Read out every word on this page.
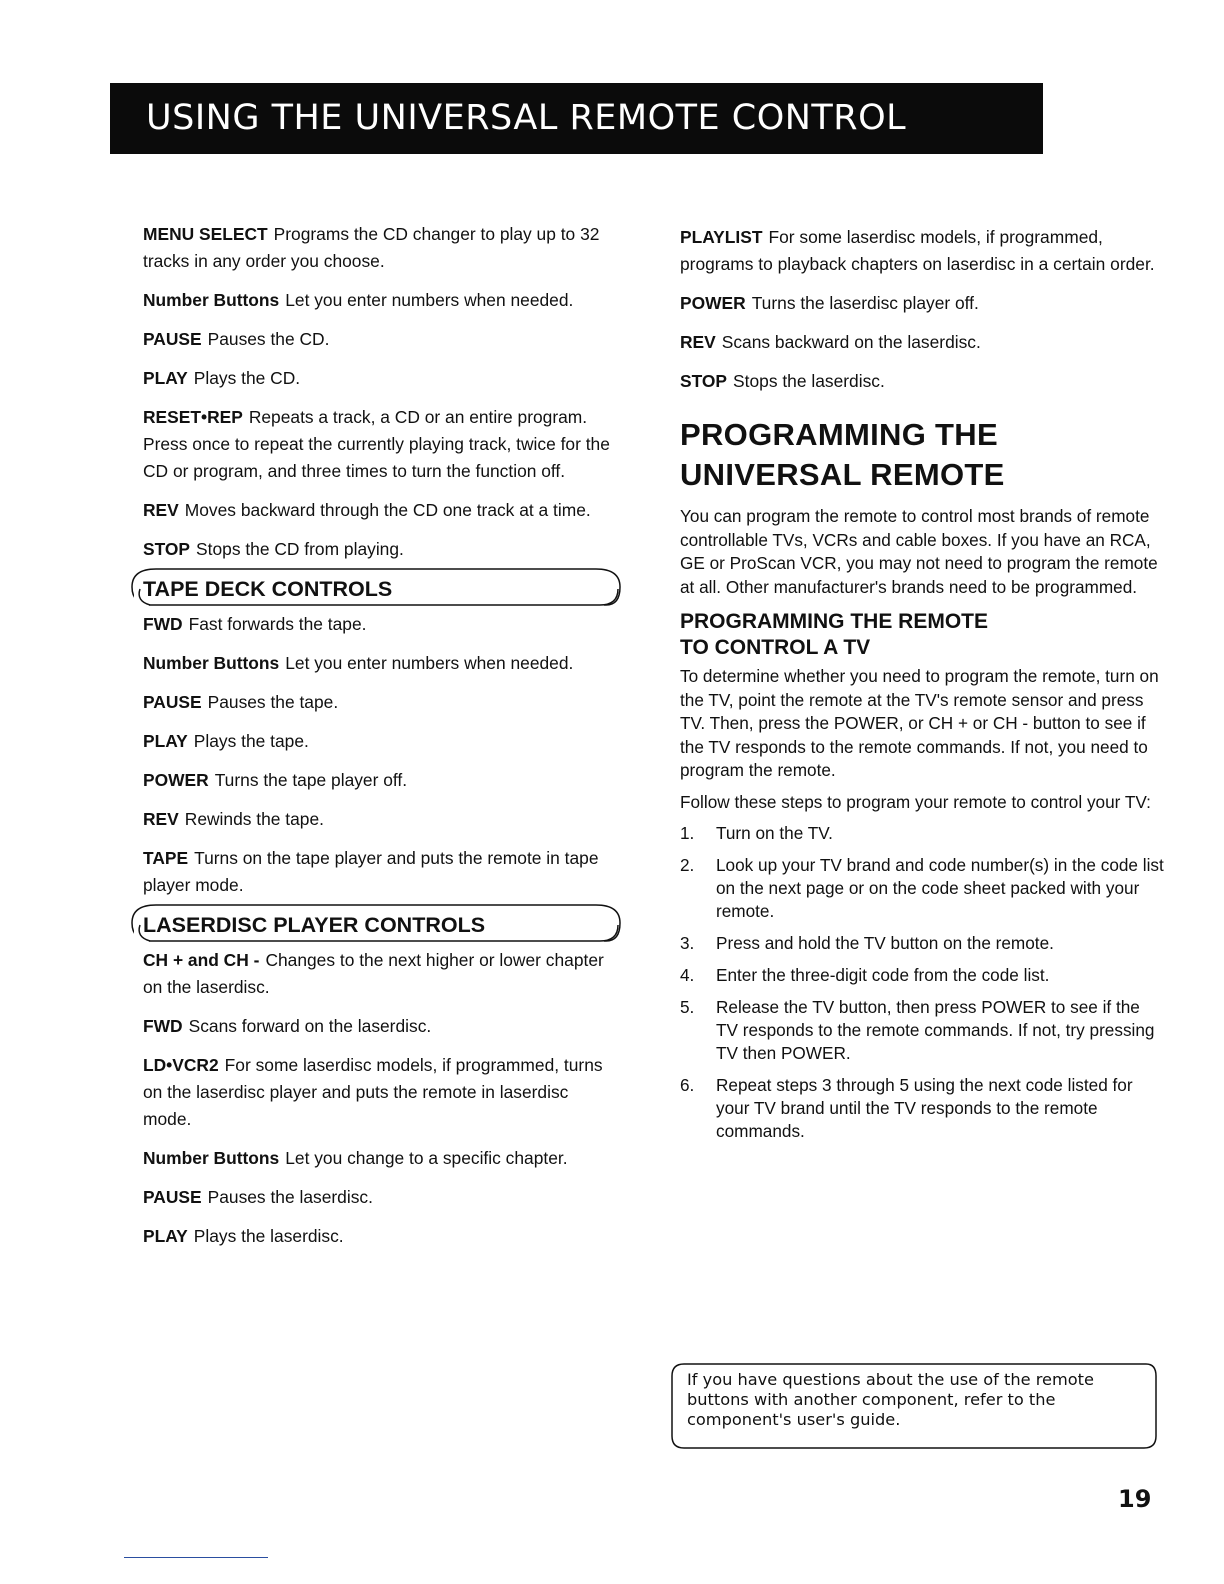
USING THE UNIVERSAL REMOTE CONTROL
MENU SELECT Programs the CD changer to play up to 32 tracks in any order you choose.
Number Buttons Let you enter numbers when needed.
PAUSE Pauses the CD.
PLAY Plays the CD.
RESET•REP Repeats a track, a CD or an entire program. Press once to repeat the currently playing track, twice for the CD or program, and three times to turn the function off.
REV Moves backward through the CD one track at a time.
STOP Stops the CD from playing.
TAPE DECK CONTROLS
FWD Fast forwards the tape.
Number Buttons Let you enter numbers when needed.
PAUSE Pauses the tape.
PLAY Plays the tape.
POWER Turns the tape player off.
REV Rewinds the tape.
TAPE Turns on the tape player and puts the remote in tape player mode.
LASERDISC PLAYER CONTROLS
CH + and CH - Changes to the next higher or lower chapter on the laserdisc.
FWD Scans forward on the laserdisc.
LD•VCR2 For some laserdisc models, if programmed, turns on the laserdisc player and puts the remote in laserdisc mode.
Number Buttons Let you change to a specific chapter.
PAUSE Pauses the laserdisc.
PLAY Plays the laserdisc.
PLAYLIST For some laserdisc models, if programmed, programs to playback chapters on laserdisc in a certain order.
POWER Turns the laserdisc player off.
REV Scans backward on the laserdisc.
STOP Stops the laserdisc.
PROGRAMMING THE
UNIVERSAL REMOTE

You can program the remote to control most brands of remote controllable TVs, VCRs and cable boxes. If you have an RCA, GE or ProScan VCR, you may not need to program the remote at all. Other manufacturer's brands need to be programmed.

PROGRAMMING THE REMOTE
TO CONTROL A TV

To determine whether you need to program the remote, turn on the TV, point the remote at the TV's remote sensor and press TV. Then, press the POWER, or CH + or CH - button to see if the TV responds to the remote commands. If not, you need to program the remote.

Follow these steps to program your remote to control your TV:

1. Turn on the TV.
2. Look up your TV brand and code number(s) in the code list on the next page or on the code sheet packed with your remote.
3. Press and hold the TV button on the remote.
4. Enter the three-digit code from the code list.
5. Release the TV button, then press POWER to see if the TV responds to the remote commands. If not, try pressing TV then POWER.
6. Repeat steps 3 through 5 using the next code listed for your TV brand until the TV responds to the remote commands.
If you have questions about the use of the remote buttons with another component, refer to the component's user's guide.
19
